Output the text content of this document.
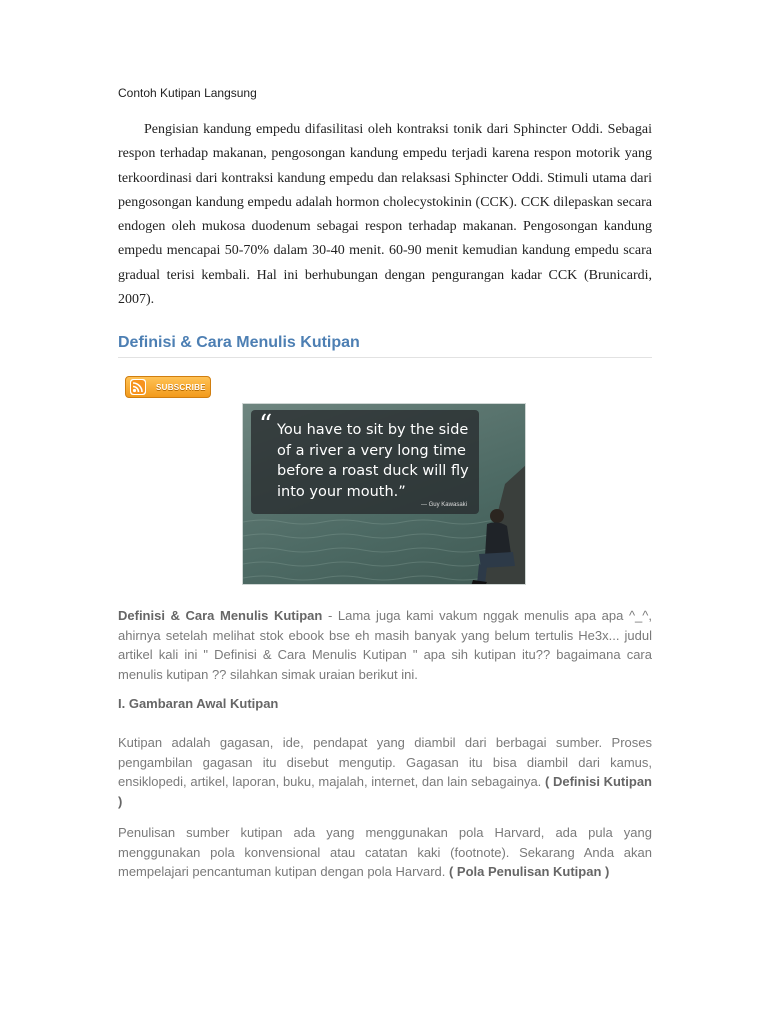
Contoh Kutipan Langsung

Pengisian kandung empedu difasilitasi oleh kontraksi tonik dari Sphincter Oddi. Sebagai respon terhadap makanan, pengosongan kandung empedu terjadi karena respon motorik yang terkoordinasi dari kontraksi kandung empedu dan relaksasi Sphincter Oddi. Stimuli utama dari pengosongan kandung empedu adalah hormon cholecystokinin (CCK). CCK dilepaskan secara endogen oleh mukosa duodenum sebagai respon terhadap makanan. Pengosongan kandung empedu mencapai 50-70% dalam 30-40 menit. 60-90 menit kemudian kandung empedu scara gradual terisi kembali. Hal ini berhubungan dengan pengurangan kadar CCK (Brunicardi, 2007).

Definisi & Cara Menulis Kutipan
SUBSCRIBE
“ You have to sit by the side of a river a very long time before a roast duck will fly into your mouth.”
— Guy Kawasaki

Definisi & Cara Menulis Kutipan - Lama juga kami vakum nggak menulis apa apa ^_^, ahirnya setelah melihat stok ebook bse eh masih banyak yang belum tertulis He3x... judul artikel kali ini " Definisi & Cara Menulis Kutipan " apa sih kutipan itu?? bagaimana cara menulis kutipan ?? silahkan simak uraian berikut ini.

I. Gambaran Awal Kutipan

Kutipan adalah gagasan, ide, pendapat yang diambil dari berbagai sumber. Proses pengambilan gagasan itu disebut mengutip. Gagasan itu bisa diambil dari kamus, ensiklopedi, artikel, laporan, buku, majalah, internet, dan lain sebagainya. ( Definisi Kutipan )

Penulisan sumber kutipan ada yang menggunakan pola Harvard, ada pula yang menggunakan pola konvensional atau catatan kaki (footnote). Sekarang Anda akan mempelajari pencantuman kutipan dengan pola Harvard. ( Pola Penulisan Kutipan )
